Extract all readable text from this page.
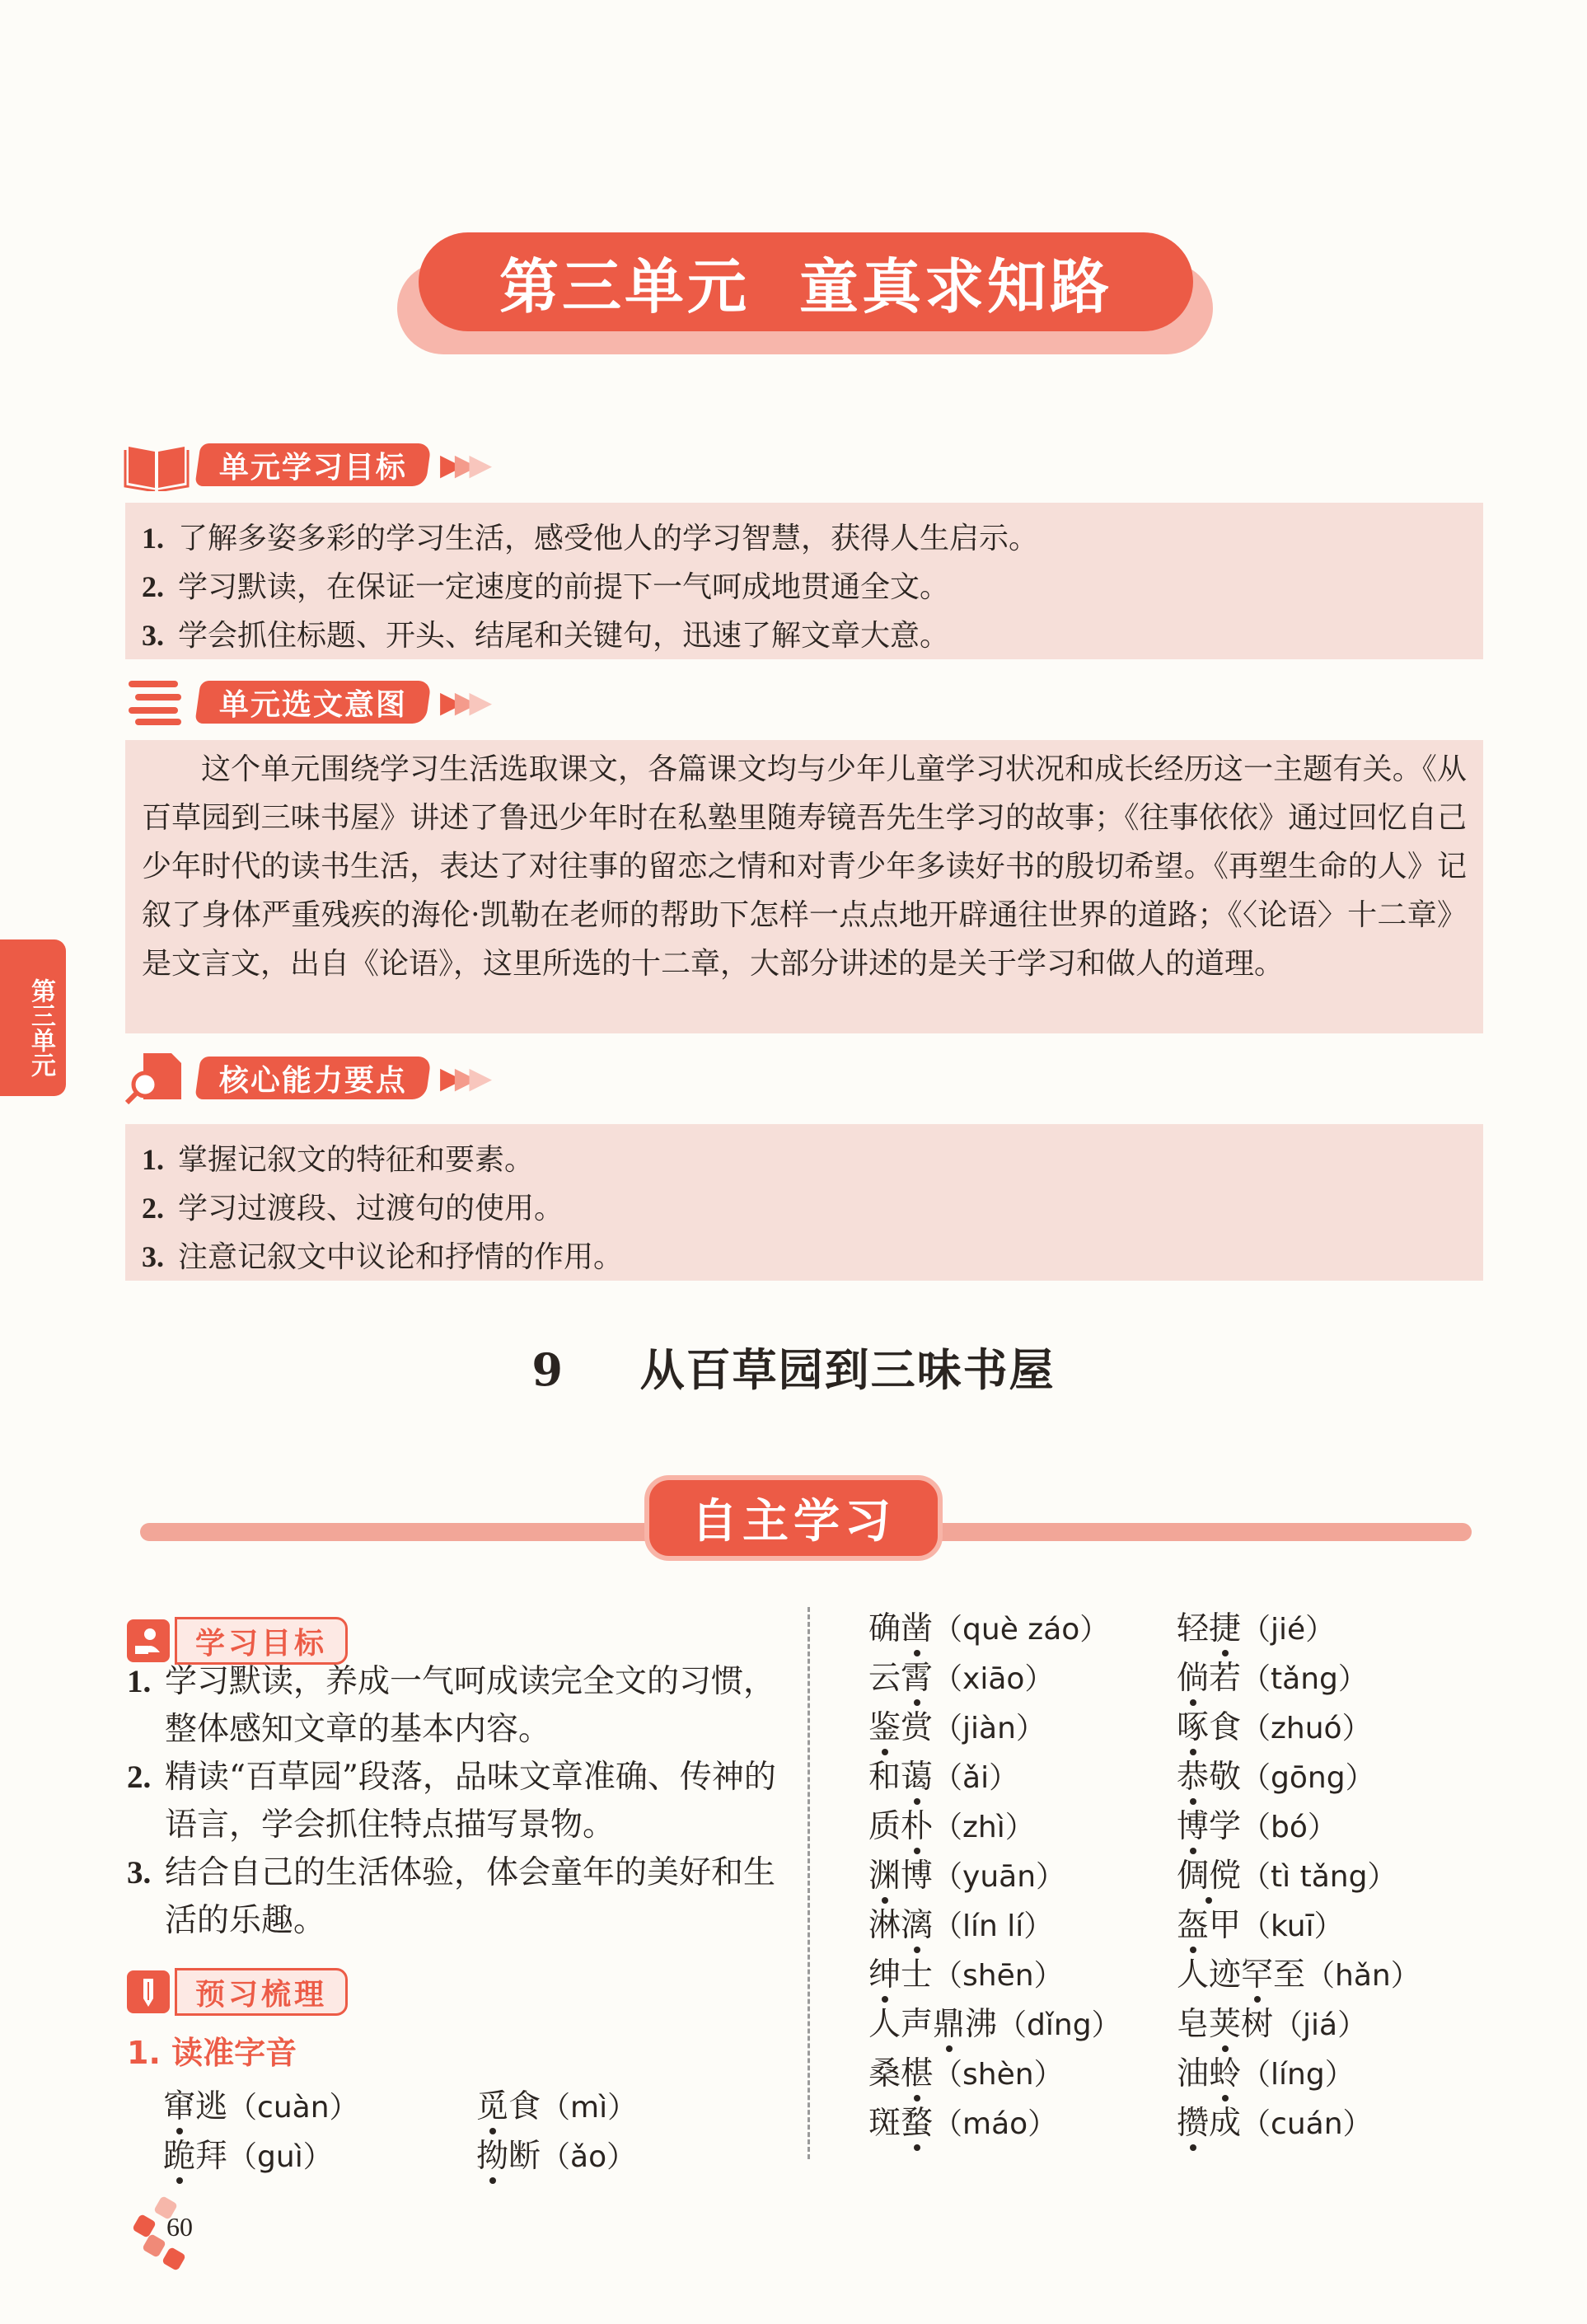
第三单元 童真求知路
单元学习目标 ▶▶▶
1. 了解多姿多彩的学习生活，感受他人的学习智慧，获得人生启示。
2. 学习默读，在保证一定速度的前提下一气呵成地贯通全文。
3. 学会抓住标题、开头、结尾和关键句，迅速了解文章大意。
单元选文意图 ▶▶▶
这个单元围绕学习生活选取课文，各篇课文均与少年儿童学习状况和成长经历这一主题有关。《从百草园到三味书屋》讲述了鲁迅少年时在私塾里随寿镜吾先生学习的故事；《往事依依》通过回忆自己少年时代的读书生活，表达了对往事的留恋之情和对青少年多读好书的殷切希望。《再塑生命的人》记叙了身体严重残疾的海伦·凯勒在老师的帮助下怎样一点点地开辟通往世界的道路；《〈论语〉十二章》是文言文，出自《论语》，这里所选的十二章，大部分讲述的是关于学习和做人的道理。
第三单元
核心能力要点 ▶▶▶
1. 掌握记叙文的特征和要素。
2. 学习过渡段、过渡句的使用。
3. 注意记叙文中议论和抒情的作用。
9 从百草园到三味书屋
自主学习
学习目标
1. 学习默读，养成一气呵成读完全文的习惯，整体感知文章的基本内容。
2. 精读“百草园”段落，品味文章准确、传神的语言，学会抓住特点描写景物。
3. 结合自己的生活体验，体会童年的美好和生活的乐趣。
预习梳理
1. 读准字音
窜逃（cuàn）	觅食（mì）
跪拜（guì）	拗断（ǎo）
确凿（què záo）
云霄（xiāo）
鉴赏（jiàn）
和蔼（ǎi）
质朴（zhì）
渊博（yuān）
淋漓（lín lí）
绅士（shēn）
人声鼎沸（dǐng）
桑椹（shèn）
斑蝥（máo）
轻捷（jié）
倘若（tǎng）
啄食（zhuó）
恭敬（gōng）
博学（bó）
倜傥（tì tǎng）
盔甲（kuī）
人迹罕至（hǎn）
皂荚树（jiá）
油蛉（líng）
攒成（cuán）
60
